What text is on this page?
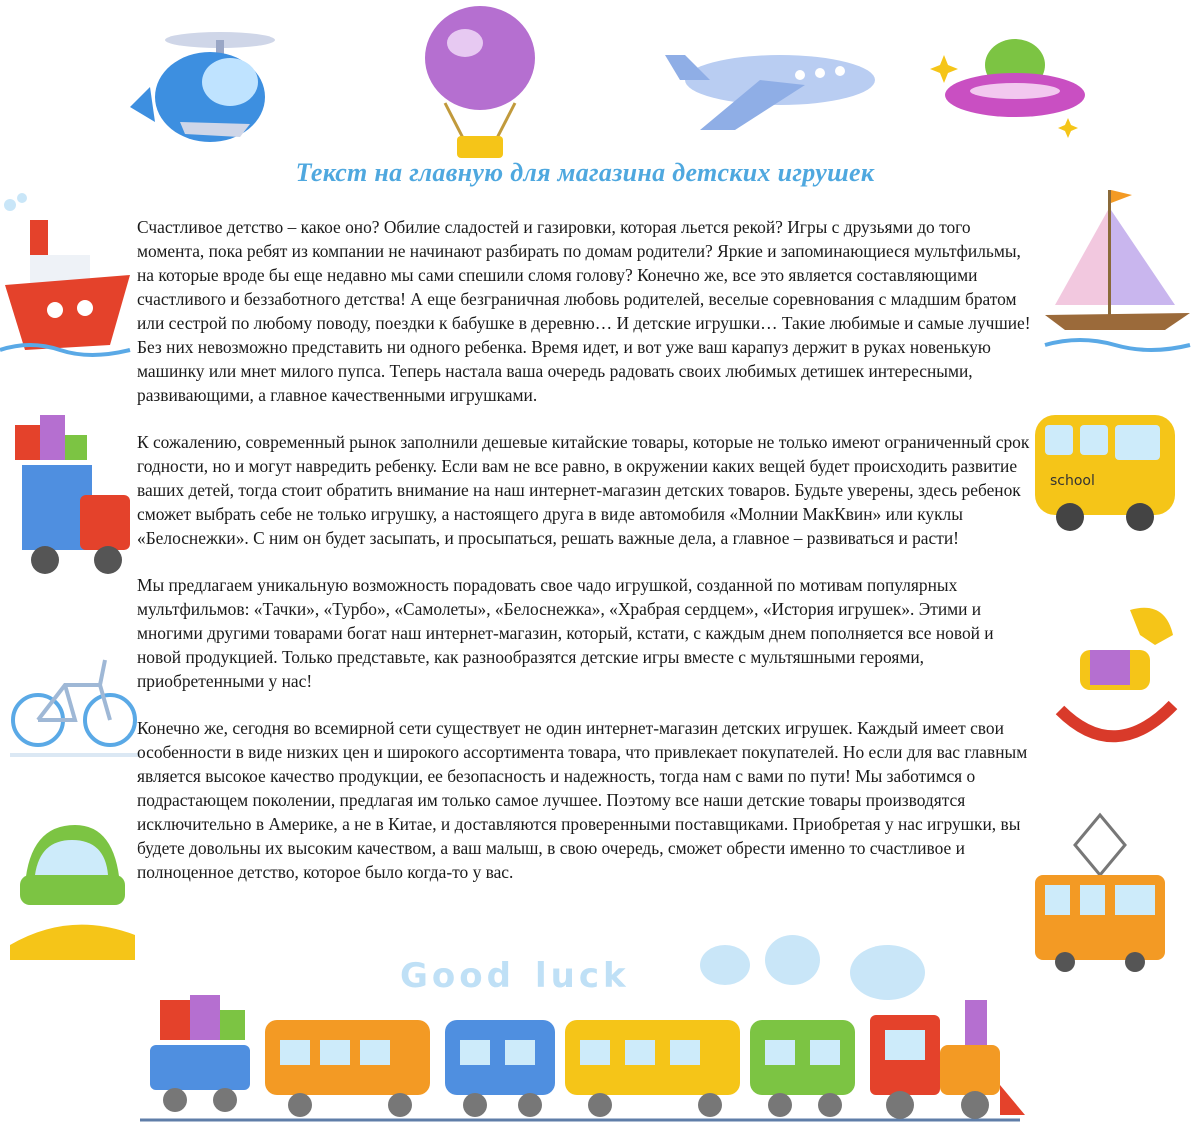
Текст на главную для магазина детских игрушек
school

Счастливое детство – какое оно? Обилие сладостей и газировки, которая льется рекой? Игры с друзьями до того момента, пока ребят из компании не начинают разбирать по домам родители? Яркие и запоминающиеся мультфильмы, на которые вроде бы еще недавно мы сами спешили сломя голову? Конечно же, все это является составляющими счастливого и беззаботного детства! А еще безграничная любовь родителей, веселые соревнования с младшим братом или сестрой по любому поводу, поездки к бабушке в деревню… И детские игрушки… Такие любимые и самые лучшие! Без них невозможно представить ни одного ребенка. Время идет, и вот уже ваш карапуз держит в руках новенькую машинку или мнет милого пупса. Теперь настала ваша очередь радовать своих любимых детишек интересными, развивающими, а главное качественными игрушками.

К сожалению, современный рынок заполнили дешевые китайские товары, которые не только имеют ограниченный срок годности, но и могут навредить ребенку. Если вам не все равно, в окружении каких вещей будет происходить развитие ваших детей, тогда стоит обратить внимание на наш интернет-магазин детских товаров. Будьте уверены, здесь ребенок сможет выбрать себе не только игрушку, а настоящего друга в виде автомобиля «Молнии МакКвин» или куклы «Белоснежки». С ним он будет засыпать, и просыпаться, решать важные дела, а главное – развиваться и расти!

Мы предлагаем уникальную возможность порадовать свое чадо игрушкой, созданной по мотивам популярных мультфильмов: «Тачки», «Турбо», «Самолеты», «Белоснежка», «Храбрая сердцем», «История игрушек». Этими и многими другими товарами богат наш интернет-магазин, который, кстати, с каждым днем пополняется все новой и новой продукцией. Только представьте, как разнообразятся детские игры вместе с мультяшными героями, приобретенными у нас!

Конечно же, сегодня во всемирной сети существует не один интернет-магазин детских игрушек. Каждый имеет свои особенности в виде низких цен и широкого ассортимента товара, что привлекает покупателей. Но если для вас главным является высокое качество продукции, ее безопасность и надежность, тогда нам с вами по пути! Мы заботимся о подрастающем поколении, предлагая им только самое лучшее. Поэтому все наши детские товары производятся исключительно в Америке, а не в Китае, и доставляются проверенными поставщиками. Приобретая у нас игрушки, вы будете довольны их высоким качеством, а ваш малыш, в свою очередь, сможет обрести именно то счастливое и полноценное детство, которое было когда-то у вас.

Good luck
